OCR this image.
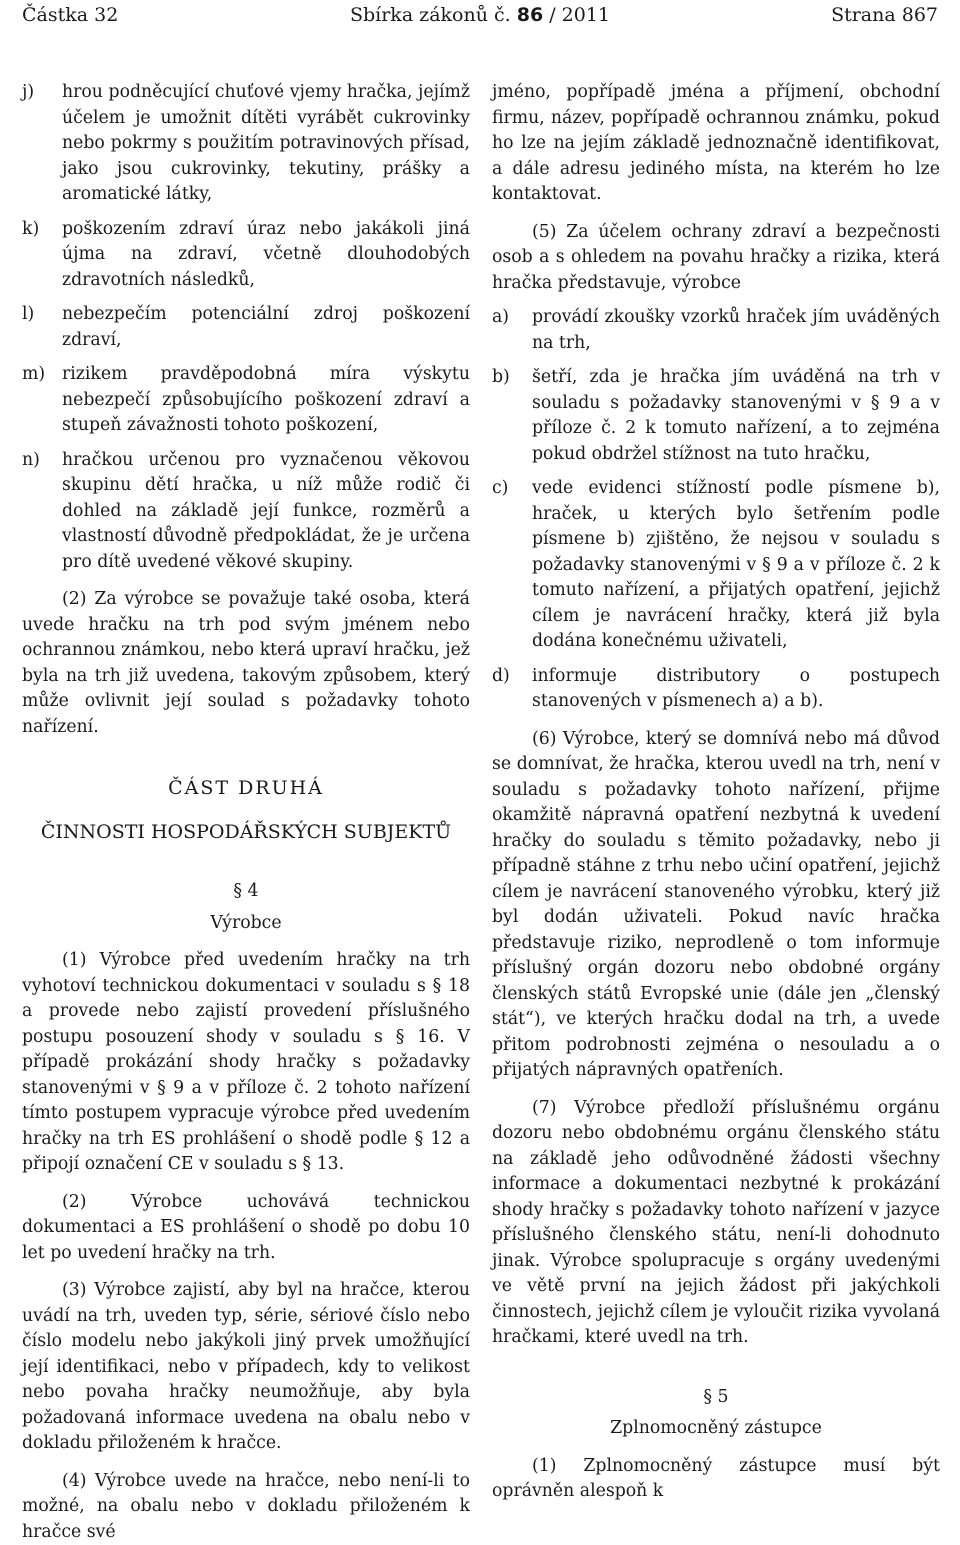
Částka 32	Sbírka zákonů č. 86 / 2011	Strana 867
j)	hrou podněcující chuťové vjemy hračka, jejímž účelem je umožnit dítěti vyrábět cukrovinky nebo pokrmy s použitím potravinových přísad, jako jsou cukrovinky, tekutiny, prášky a aromatické látky,
k)	poškozením zdraví úraz nebo jakákoli jiná újma na zdraví, včetně dlouhodobých zdravotních následků,
l)	nebezpečím potenciální zdroj poškození zdraví,
m) rizikem pravděpodobná míra výskytu nebezpečí způsobujícího poškození zdraví a stupeň závažnosti tohoto poškození,
n)	hračkou určenou pro vyznačenou věkovou skupinu dětí hračka, u níž může rodič či dohled na základě její funkce, rozměrů a vlastností důvodně předpokládat, že je určena pro dítě uvedené věkové skupiny.

(2) Za výrobce se považuje také osoba, která uvede hračku na trh pod svým jménem nebo ochrannou známkou, nebo která upraví hračku, jež byla na trh již uvedena, takovým způsobem, který může ovlivnit její soulad s požadavky tohoto nařízení.

ČÁST DRUHÁ
ČINNOSTI HOSPODÁŘSKÝCH SUBJEKTŮ
§ 4
Výrobce

(1) Výrobce před uvedením hračky na trh vyhotoví technickou dokumentaci v souladu s § 18 a provede nebo zajistí provedení příslušného postupu posouzení shody v souladu s § 16. V případě prokázání shody hračky s požadavky stanovenými v § 9 a v příloze č. 2 tohoto nařízení tímto postupem vypracuje výrobce před uvedením hračky na trh ES prohlášení o shodě podle § 12 a připojí označení CE v souladu s § 13.

(2) Výrobce uchovává technickou dokumentaci a ES prohlášení o shodě po dobu 10 let po uvedení hračky na trh.

(3) Výrobce zajistí, aby byl na hračce, kterou uvádí na trh, uveden typ, série, sériové číslo nebo číslo modelu nebo jakýkoli jiný prvek umožňující její identifikaci, nebo v případech, kdy to velikost nebo povaha hračky neumožňuje, aby byla požadovaná informace uvedena na obalu nebo v dokladu přiloženém k hračce.

(4) Výrobce uvede na hračce, nebo není-li to možné, na obalu nebo v dokladu přiloženém k hračce své

jméno, popřípadě jména a příjmení, obchodní firmu, název, popřípadě ochrannou známku, pokud ho lze na jejím základě jednoznačně identifikovat, a dále adresu jediného místa, na kterém ho lze kontaktovat.

(5) Za účelem ochrany zdraví a bezpečnosti osob a s ohledem na povahu hračky a rizika, která hračka představuje, výrobce

a)	provádí zkoušky vzorků hraček jím uváděných na trh,
b)	šetří, zda je hračka jím uváděná na trh v souladu s požadavky stanovenými v § 9 a v příloze č. 2 k tomuto nařízení, a to zejména pokud obdržel stížnost na tuto hračku,
c)	vede evidenci stížností podle písmene b), hraček, u kterých bylo šetřením podle písmene b) zjištěno, že nejsou v souladu s požadavky stanovenými v § 9 a v příloze č. 2 k tomuto nařízení, a přijatých opatření, jejichž cílem je navrácení hračky, která již byla dodána konečnému uživateli,
d)	informuje distributory o postupech stanovených v písmenech a) a b).

(6) Výrobce, který se domnívá nebo má důvod se domnívat, že hračka, kterou uvedl na trh, není v souladu s požadavky tohoto nařízení, přijme okamžitě nápravná opatření nezbytná k uvedení hračky do souladu s těmito požadavky, nebo ji případně stáhne z trhu nebo učiní opatření, jejichž cílem je navrácení stanoveného výrobku, který již byl dodán uživateli. Pokud navíc hračka představuje riziko, neprodleně o tom informuje příslušný orgán dozoru nebo obdobné orgány členských států Evropské unie (dále jen „členský stát“), ve kterých hračku dodal na trh, a uvede přitom podrobnosti zejména o nesouladu a o přijatých nápravných opatřeních.

(7) Výrobce předloží příslušnému orgánu dozoru nebo obdobnému orgánu členského státu na základě jeho odůvodněné žádosti všechny informace a dokumentaci nezbytné k prokázání shody hračky s požadavky tohoto nařízení v jazyce příslušného členského státu, není-li dohodnuto jinak. Výrobce spolupracuje s orgány uvedenými ve větě první na jejich žádost při jakýchkoli činnostech, jejichž cílem je vyloučit rizika vyvolaná hračkami, které uvedl na trh.

§ 5
Zplnomocněný zástupce

(1) Zplnomocněný zástupce musí být oprávněn alespoň k
